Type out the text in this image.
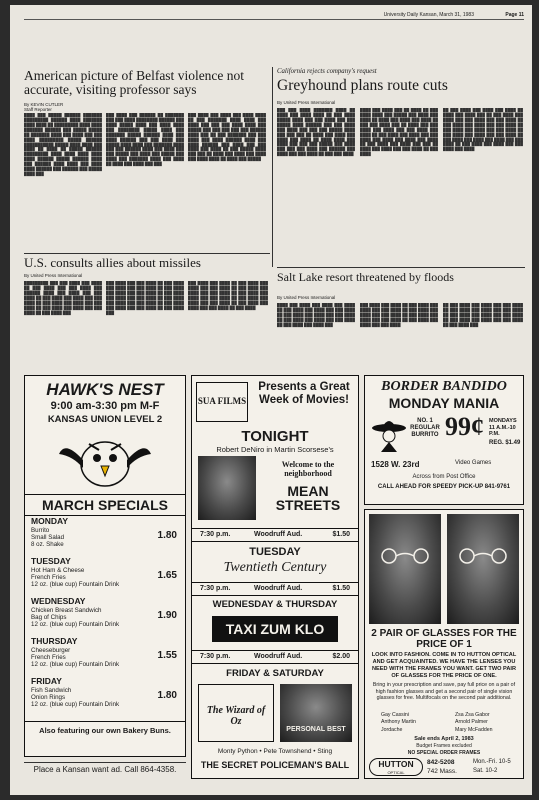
University Daily Kansan, March 31, 1983	Page 11
American picture of Belfast violence not accurate, visiting professor says
By KEVIN CUTLER
Staff Reporter
████ ███ █████ ██████ ███████ █████████ ██████ ████ ███████ ████ ████ ██ █████████ ████ ████ ███████ ██████ ███ █████ █████ ██ ███████ ████ ███ ████ ███ ███ ████ █████████ █████ ██████ ███████████ █████ ████ ████ ███ ████ ██ ████ ██ █████ ██████ █████████ ████ ████ ████ ████ ████ ██████ █████ ██████ ████ ███ ██████ ████ ████ ███ ████ ████ ██████ ███ ██████ ███ █████ ████ ███
███ ████ ███ ██████ ██ ███████ ███ ███ ████ ████████ ██████ ███ ████ █████ ████ ███ ████ ████ ███ ████████ █████ ████ ███ ███████ █████ ██████ ████ ███ ████ ██████ ███ ███ ████ ███ █████ ████ ████ ███ ███████ ████ ███ ███ ██████ ████ ███ ████ ███ ███ █████ ███ ████ ███ █████ ███ ████ ███ ███████ ████ ███ ████ ██ ████ ███ ████ ███ ███
███ ████ ███ ████ ███ ████ ████ ██ ███ ███████ ████ ████ ███ ████ ███ ███ ███ ████ ████ ███ █████ ███ ███ ███ ███ ███ ██████ ████ ███ ██ ███ ███████ ███ ███ ████ ███ ████ ██████ ████ ███ ████ ██████ ███ ████ ███ ███ ████ ███ ████ ██ ███ █████ ████ ███ ███ ██ ████ ███ ████ ███ ████ ███ ████ ████ ██ ████ ███ █████
California rejects company's request
Greyhound plans route cuts
By United Press International
███ ███ ████ ███████ ████ ██ ████ ███ ████ ████ ██ ███ ████ █████ ████ ███ ███ ████ ███ ███ █████ ████ ██████ ███ ███ ████ ███ ████ ███ ███ ███ █████ ████ ███ ███ ███ ██ ████ ███ ████ ███ ████ ███ ████ ██ ████ ████ ███ ████ ███ ███ ███ █████ ███ ████ ███ ███ ███ ████ ███ ██████ ███ ████ ███ ███ ████ ██ ███ ███ ████
████ ███ ████ ███ ██ ████ ██ ███ ████ ████ ███ █████ ███ ████ ███ ████ ██ ████ ███ ████ ███ ████ ██ ███ ███ ████ ███ ██ ████ ███ ███ ████ ███ ████ ███ ███ ████ ███ ████ ██ ███ ████ ███ ████ ███ ███ ████ ███ ████ ███ ████ ███ ████ ██ ███ ████ ███ ████ ███ ███ ██ ████ ███ ████ ███ ███ ████ ██ ███ ████
██ ███ ████ ███ ████ ███ ████ ██ ████ ███ ████ ███ ██ ███ ████ ███ ████ ███ ███ ████ ███ ███ ████ ██ ███ ████ ███ ████ ███ ███ ████ ██ ███ ████ ███ ████ ███ ███ ████ ██ ███ ████ ███ ████ ███ ███ ████ ██ ███ ████ ███ ████ ███ ████ ███ ███ ████ ██ ███ ████ ███ ████ ███ ███ ████ ███ ████
U.S. consults allies about missiles
By United Press International
█████████ ███ ███ ████ ███ ████ ██ ███ ████ ███ ███ ████ ███ ██████ ████ ███ ████ ███ ███ ████ ██ ███ ████ ███ ████ ███ ███ ████ ██ ███ ████ ███ ████ ███ ███ ████ ██ ███ ████ ███ ████ ███ ███ ████ ██ ███ ████ ███
███ ████ ███ ███ ████ ██ ███ ████ ███ ████ ███ ███ ████ ██ ███ ████ ███ ████ ███ ███ ████ ██ ███ ████ ███ ████ ███ ███ ████ ██ ███ ████ ███ ████ ███ ███ ████ ██ ███ ████ ███ ████ ███ ███ ████ ██ ███ ████ ███
███ ████ ███ ████ ██ ███ ████ ███ ████ ███ ███ ████ ██ ███ ████ ███ ████ ███ ███ ████ ██ ███ ████ ███ ████ ███ ███ ████ ██ ███ ████ ███ ████ ███ ███ ████ ██ ███ ████ ███ ████ ███ ███ ████ ██ ███ ████
Salt Lake resort threatened by floods
By United Press International
████ ███ ████ ███ ████ ███ ████ ██ ███ ████ ███ ████ ███ ███ ████ ██ ███ ████ ███ ████ ███ ███ ████ ██ ███ ████ ███ ████ ███ ███ ████ ██ ███ ████ ███ ████ ███
███ ████ ███ ████ ██ ███ ████ ███ ████ ███ ███ ████ ██ ███ ████ ███ ████ ███ ███ ████ ██ ███ ████ ███ ████ ███ ███ ████ ██ ███ ████ ███ ████ ███ ███ ████
██ ███ ████ ███ ████ ███ ███ ████ ██ ███ ████ ███ ████ ███ ███ ████ ██ ███ ████ ███ ████ ███ ███ ████ ██ ███ ████ ███ ████ ███ ███ ████ ██ ███ ████ ███
HAWK'S NEST
9:00 am-3:30 pm M-F
KANSAS UNION LEVEL 2
MARCH SPECIALS
MONDAY
Burrito
Small Salad
8 oz. Shake
1.80
TUESDAY
Hot Ham & Cheese
French Fries
12 oz. (blue cup) Fountain Drink
1.65
WEDNESDAY
Chicken Breast Sandwich
Bag of Chips
12 oz. (blue cup) Fountain Drink
1.90
THURSDAY
Cheeseburger
French Fries
12 oz. (blue cup) Fountain Drink
1.55
FRIDAY
Fish Sandwich
Onion Rings
12 oz. (blue cup) Fountain Drink
1.80
Also featuring our own Bakery Buns.
Place a Kansan want ad. Call 864-4358.
SUA FILMS
Presents a Great Week of Movies!
TONIGHT
Robert DeNiro in Martin Scorsese's
Welcome to the neighborhood
MEAN STREETS
7:30 p.m.	Woodruff Aud.	$1.50
TUESDAY
Twentieth Century
7:30 p.m.	Woodruff Aud.	$1.50
WEDNESDAY & THURSDAY
TAXI ZUM KLO
7:30 p.m.	Woodruff Aud.	$2.00
FRIDAY & SATURDAY
The Wizard of Oz
PERSONAL BEST
Monty Python • Pete Townshend • Sting
THE SECRET POLICEMAN'S BALL
BORDER BANDIDO
MONDAY MANIA
NO. 1 REGULAR BURRITO 99¢ MONDAYS 11 A.M.-10 P.M.
REG. $1.49
1528 W. 23rd	Video Games
Across from Post Office
CALL AHEAD FOR SPEEDY PICK-UP 841-9761
2 PAIR OF GLASSES FOR THE PRICE OF 1
LOOK INTO FASHION. COME IN TO HUTTON OPTICAL AND GET ACQUAINTED. WE HAVE THE LENSES YOU NEED WITH THE FRAMES YOU WANT. GET TWO PAIR OF GLASSES FOR THE PRICE OF ONE.
Bring in your prescription and save, pay full price on a pair of high fashion glasses and get a second pair of single vision glasses for free. Multifocals on the second pair additional.
Gay Cassini
Anthony Martin
Jordache
Zsa Zsa Gabor
Arnold Palmer
Mary McFadden
Sale ends April 2, 1983
Budget Frames excluded
NO SPECIAL ORDER FRAMES
HUTTON
OPTICAL
842-5208
742 Mass.
Mon.-Fri. 10-5
Sat. 10-2
